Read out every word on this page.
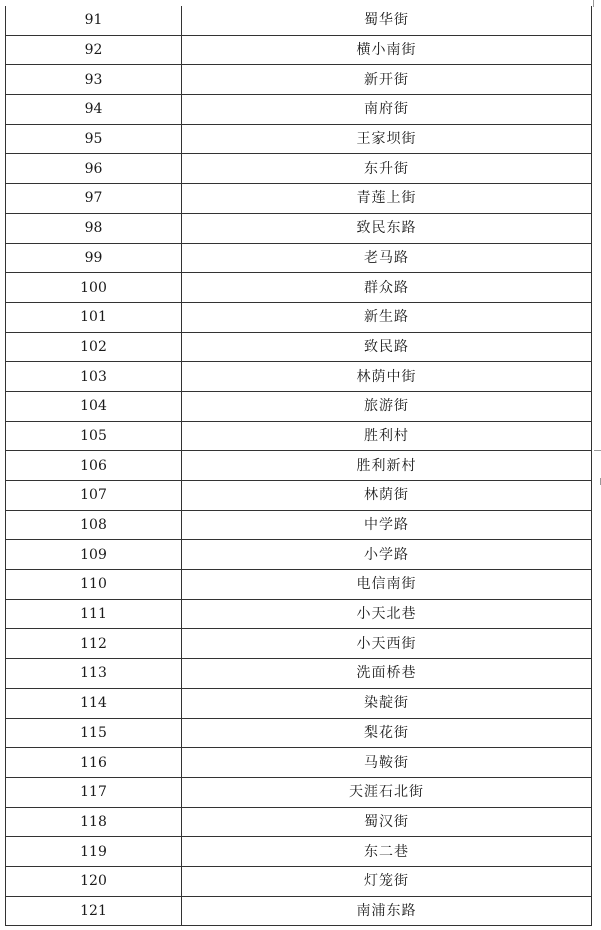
91	蜀华街
92	横小南街
93	新开街
94	南府街
95	王家坝街
96	东升街
97	青莲上街
98	致民东路
99	老马路
100	群众路
101	新生路
102	致民路
103	林荫中街
104	旅游街
105	胜利村
106	胜利新村
107	林荫街
108	中学路
109	小学路
110	电信南街
111	小天北巷
112	小天西街
113	洗面桥巷
114	染靛街
115	梨花街
116	马鞍街
117	天涯石北街
118	蜀汉街
119	东二巷
120	灯笼街
121	南浦东路
